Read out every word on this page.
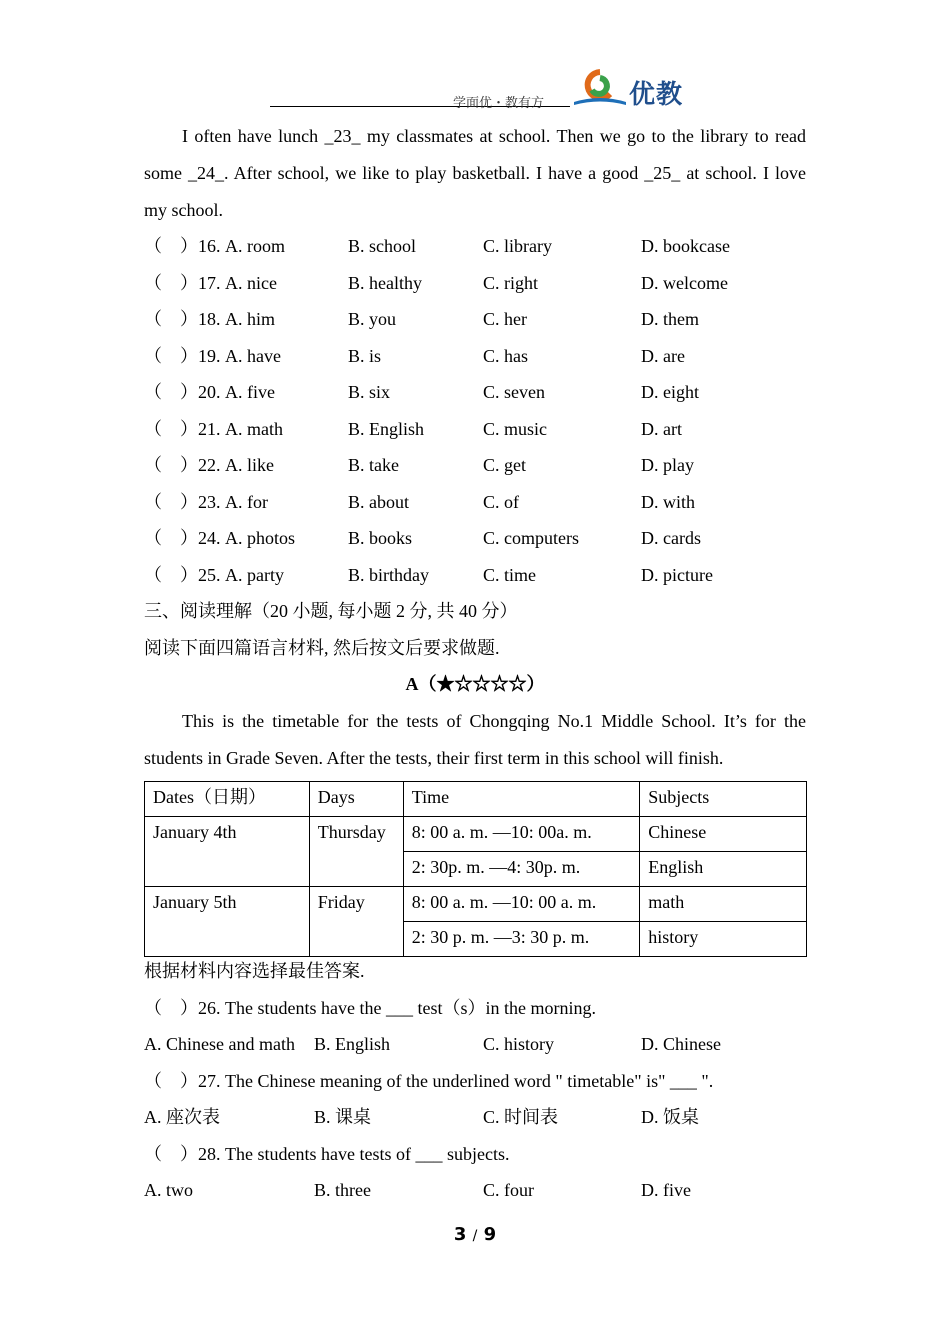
学面优・教有方	优教
I often have lunch _23_ my classmates at school. Then we go to the library to read some _24_. After school, we like to play basketball. I have a good _25_ at school. I love my school.
（　）16. A. room	B. school	C. library	D. bookcase
（　）17. A. nice	B. healthy	C. right	D. welcome
（　）18. A. him	B. you	C. her	D. them
（　）19. A. have	B. is	C. has	D. are
（　）20. A. five	B. six	C. seven	D. eight
（　）21. A. math	B. English	C. music	D. art
（　）22. A. like	B. take	C. get	D. play
（　）23. A. for	B. about	C. of	D. with
（　）24. A. photos	B. books	C. computers	D. cards
（　）25. A. party	B. birthday	C. time	D. picture
三、阅读理解（20 小题, 每小题 2 分, 共 40 分）
阅读下面四篇语言材料, 然后按文后要求做题.
A（★☆☆☆☆）
This is the timetable for the tests of Chongqing No.1 Middle School. It’s for the students in Grade Seven. After the tests, their first term in this school will finish.
Dates（日期）	Days	Time	Subjects
January 4th	Thursday	8: 00 a. m. —10: 00a. m.	Chinese
		2: 30p. m. —4: 30p. m.	English
January 5th	Friday	8: 00 a. m. —10: 00 a. m.	math
		2: 30 p. m. —3: 30 p. m.	history
根据材料内容选择最佳答案.
（　）26. The students have the ___ test（s）in the morning.
A. Chinese and math B. English	C. history	D. Chinese
（　）27. The Chinese meaning of the underlined word " timetable" is" ___ ".
A. 座次表	B. 课桌	C. 时间表	D. 饭桌
（　）28. The students have tests of ___ subjects.
A. two	B. three	C. four	D. five
3 / 9
